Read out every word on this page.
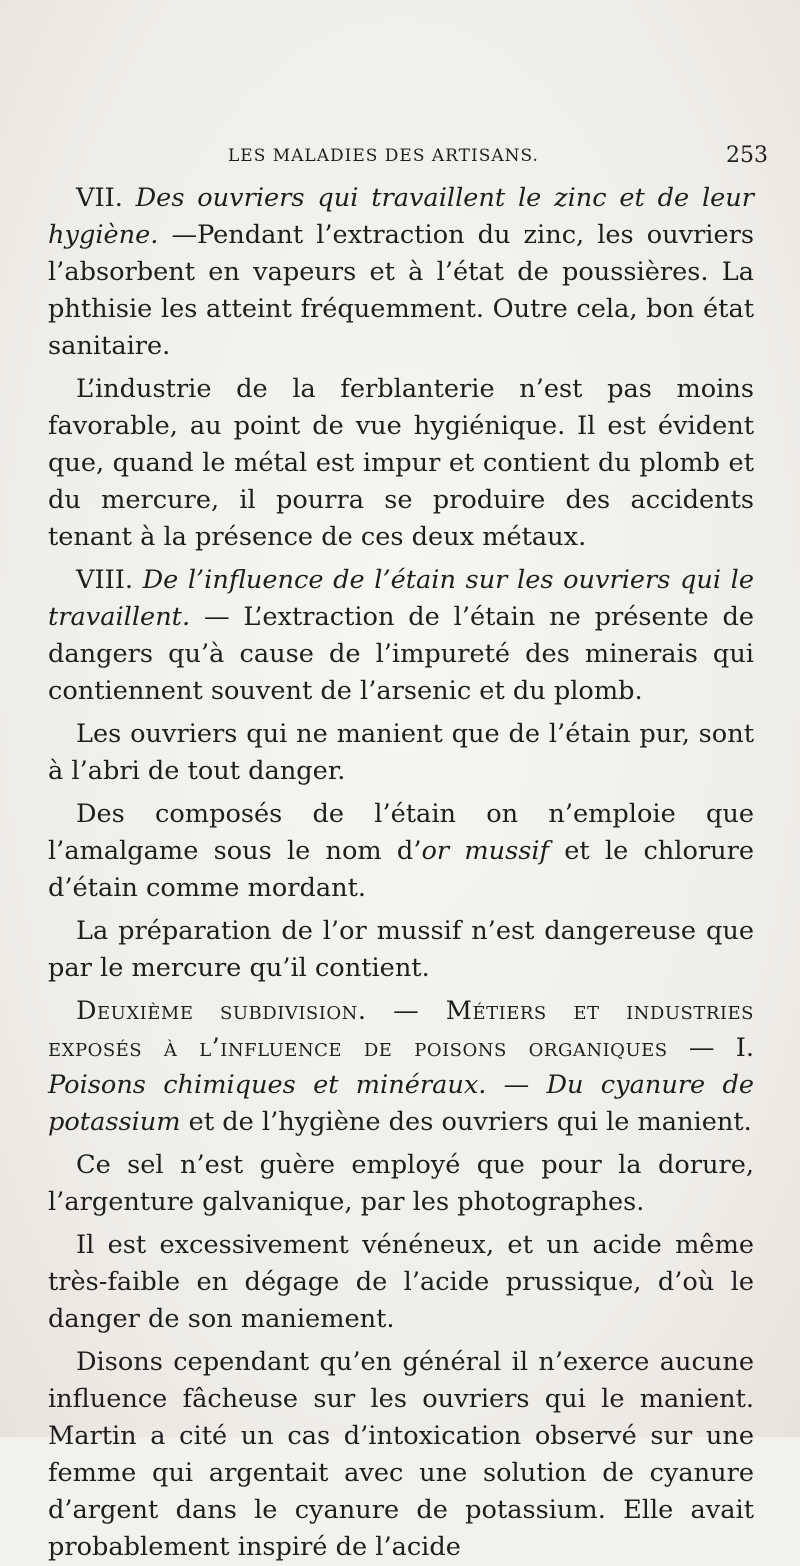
LES MALADIES DES ARTISANS.	253

VII. Des ouvriers qui travaillent le zinc et de leur hygiène. —Pendant l’extraction du zinc, les ouvriers l’absorbent en vapeurs et à l’état de poussières. La phthisie les atteint fréquemment. Outre cela, bon état sanitaire.

L’industrie de la ferblanterie n’est pas moins favorable, au point de vue hygiénique. Il est évident que, quand le métal est impur et contient du plomb et du mercure, il pourra se produire des accidents tenant à la présence de ces deux métaux.

VIII. De l’influence de l’étain sur les ouvriers qui le travaillent. — L’extraction de l’étain ne présente de dangers qu’à cause de l’impureté des minerais qui contiennent souvent de l’arsenic et du plomb.

Les ouvriers qui ne manient que de l’étain pur, sont à l’abri de tout danger.

Des composés de l’étain on n’emploie que l’amalgame sous le nom d’or mussif et le chlorure d’étain comme mordant.

La préparation de l’or mussif n’est dangereuse que par le mercure qu’il contient.

Deuxième subdivision. — Métiers et industries exposés à l’influence de poisons organiques — I. Poisons chimiques et minéraux. — Du cyanure de potassium et de l’hygiène des ouvriers qui le manient.

Ce sel n’est guère employé que pour la dorure, l’argenture galvanique, par les photographes.

Il est excessivement vénéneux, et un acide même très-faible en dégage de l’acide prussique, d’où le danger de son maniement.

Disons cependant qu’en général il n’exerce aucune influence fâcheuse sur les ouvriers qui le manient. Martin a cité un cas d’intoxication observé sur une femme qui argentait avec une solution de cyanure d’argent dans le cyanure de potassium. Elle avait probablement inspiré de l’acide
